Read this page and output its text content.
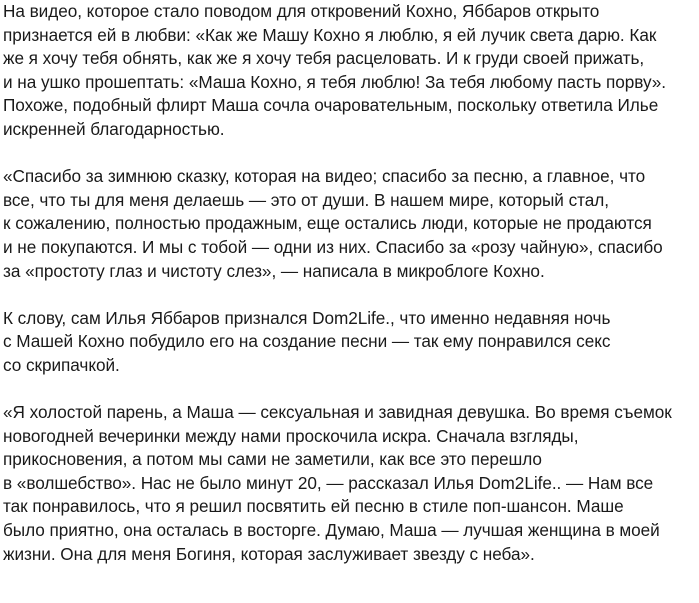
На видео, которое стало поводом для откровений Кохно, Яббаров открыто
признается ей в любви: «Как же Машу Кохно я люблю, я ей лучик света дарю. Как
же я хочу тебя обнять, как же я хочу тебя расцеловать. И к груди своей прижать,
и на ушко прошептать: «Маша Кохно, я тебя люблю! За тебя любому пасть порву».
Похоже, подобный флирт Маша сочла очаровательным, поскольку ответила Илье
искренней благодарностью.

«Спасибо за зимнюю сказку, которая на видео; спасибо за песню, а главное, что
все, что ты для меня делаешь — это от души. В нашем мире, который стал,
к сожалению, полностью продажным, еще остались люди, которые не продаются
и не покупаются. И мы с тобой — одни из них. Спасибо за «розу чайную», спасибо
за «простоту глаз и чистоту слез», — написала в микроблоге Кохно.

К слову, сам Илья Яббаров признался Dom2Life., что именно недавняя ночь
с Машей Кохно побудило его на создание песни — так ему понравился секс
со скрипачкой.

«Я холостой парень, а Маша — сексуальная и завидная девушка. Во время съемок
новогодней вечеринки между нами проскочила искра. Сначала взгляды,
прикосновения, а потом мы сами не заметили, как все это перешло
в «волшебство». Нас не было минут 20, — рассказал Илья Dom2Life.. — Нам все
так понравилось, что я решил посвятить ей песню в стиле поп-шансон. Маше
было приятно, она осталась в восторге. Думаю, Маша — лучшая женщина в моей
жизни. Она для меня Богиня, которая заслуживает звезду с неба».
